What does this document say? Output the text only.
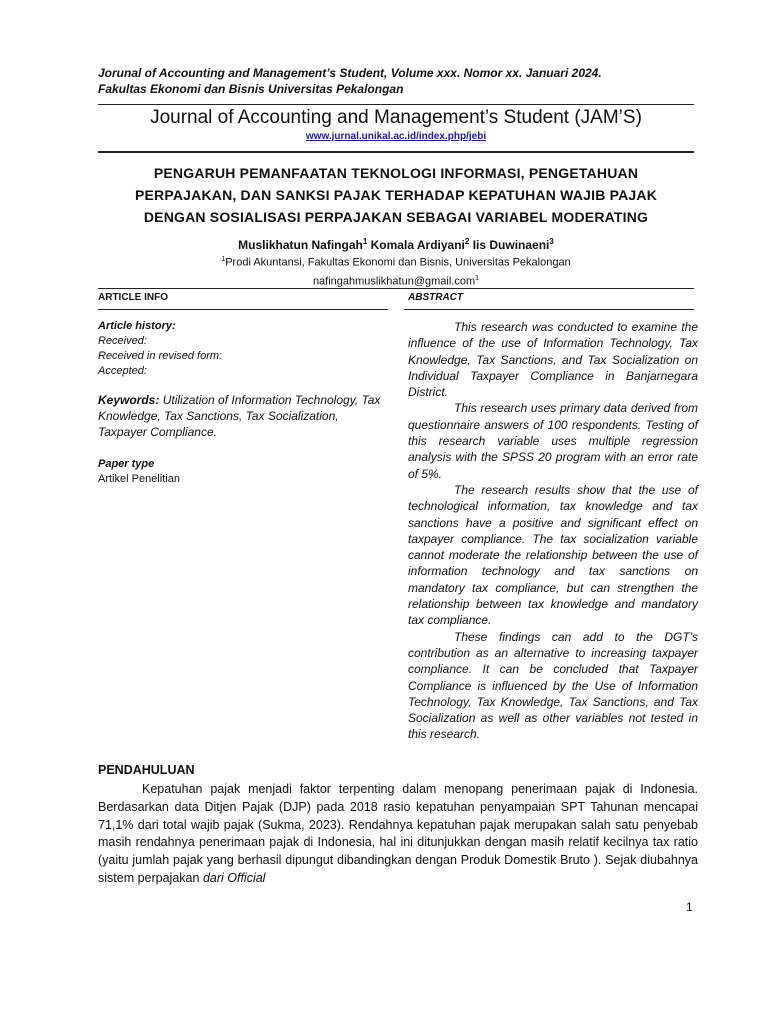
Jorunal of Accounting and Management’s Student, Volume xxx. Nomor xx. Januari 2024.
Fakultas Ekonomi dan Bisnis Universitas Pekalongan
Journal of Accounting and Management’s Student (JAM’S)
www.jurnal.unikal.ac.id/index.php/jebi
PENGARUH PEMANFAATAN TEKNOLOGI INFORMASI, PENGETAHUAN
PERPAJAKAN, DAN SANKSI PAJAK TERHADAP KEPATUHAN WAJIB PAJAK
DENGAN SOSIALISASI PERPAJAKAN SEBAGAI VARIABEL MODERATING
Muslikhatun Nafingah$^1$ Komala Ardiyani$^2$ Iis Duwinaeni$^3$
$^1$Prodi Akuntansi, Fakultas Ekonomi dan Bisnis, Universitas Pekalongan
nafingahmuslikhatun@gmail.com$^1$
ARTICLE INFO	ABSTRACT
Article history:
Received:
Received in revised form:
Accepted:
Keywords: Utilization of Information Technology, Tax Knowledge, Tax Sanctions, Tax Socialization, Taxpayer Compliance.
Paper type
Artikel Penelitian

This research was conducted to examine the influence of the use of Information Technology, Tax Knowledge, Tax Sanctions, and Tax Socialization on Individual Taxpayer Compliance in Banjarnegara District.

This research uses primary data derived from questionnaire answers of 100 respondents. Testing of this research variable uses multiple regression analysis with the SPSS 20 program with an error rate of 5%.

The research results show that the use of technological information, tax knowledge and tax sanctions have a positive and significant effect on taxpayer compliance. The tax socialization variable cannot moderate the relationship between the use of information technology and tax sanctions on mandatory tax compliance, but can strengthen the relationship between tax knowledge and mandatory tax compliance.

These findings can add to the DGT's contribution as an alternative to increasing taxpayer compliance. It can be concluded that Taxpayer Compliance is influenced by the Use of Information Technology, Tax Knowledge, Tax Sanctions, and Tax Socialization as well as other variables not tested in this research.

PENDAHULUAN

Kepatuhan pajak menjadi faktor terpenting dalam menopang penerimaan pajak di Indonesia. Berdasarkan data Ditjen Pajak (DJP) pada 2018 rasio kepatuhan penyampaian SPT Tahunan mencapai 71,1% dari total wajib pajak (Sukma, 2023). Rendahnya kepatuhan pajak merupakan salah satu penyebab masih rendahnya penerimaan pajak di Indonesia, hal ini ditunjukkan dengan masih relatif kecilnya tax ratio (yaitu jumlah pajak yang berhasil dipungut dibandingkan dengan Produk Domestik Bruto ). Sejak diubahnya sistem perpajakan dari Official

1
